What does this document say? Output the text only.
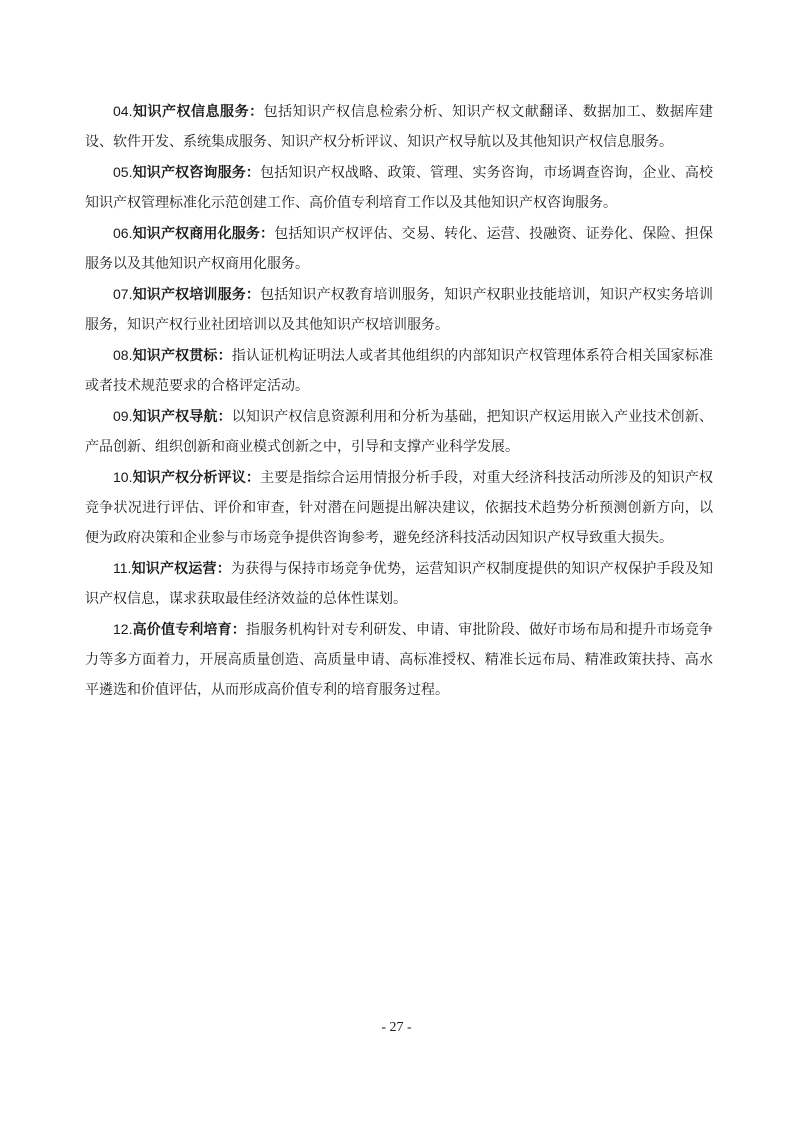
04.知识产权信息服务：包括知识产权信息检索分析、知识产权文献翻译、数据加工、数据库建设、软件开发、系统集成服务、知识产权分析评议、知识产权导航以及其他知识产权信息服务。

05.知识产权咨询服务：包括知识产权战略、政策、管理、实务咨询，市场调查咨询，企业、高校知识产权管理标准化示范创建工作、高价值专利培育工作以及其他知识产权咨询服务。

06.知识产权商用化服务：包括知识产权评估、交易、转化、运营、投融资、证券化、保险、担保服务以及其他知识产权商用化服务。

07.知识产权培训服务：包括知识产权教育培训服务，知识产权职业技能培训，知识产权实务培训服务，知识产权行业社团培训以及其他知识产权培训服务。

08.知识产权贯标：指认证机构证明法人或者其他组织的内部知识产权管理体系符合相关国家标准或者技术规范要求的合格评定活动。

09.知识产权导航：以知识产权信息资源利用和分析为基础，把知识产权运用嵌入产业技术创新、产品创新、组织创新和商业模式创新之中，引导和支撑产业科学发展。

10.知识产权分析评议：主要是指综合运用情报分析手段，对重大经济科技活动所涉及的知识产权竞争状况进行评估、评价和审查，针对潜在问题提出解决建议，依据技术趋势分析预测创新方向，以便为政府决策和企业参与市场竞争提供咨询参考，避免经济科技活动因知识产权导致重大损失。

11.知识产权运营：为获得与保持市场竞争优势，运营知识产权制度提供的知识产权保护手段及知识产权信息，谋求获取最佳经济效益的总体性谋划。

12.高价值专利培育：指服务机构针对专利研发、申请、审批阶段、做好市场布局和提升市场竞争力等多方面着力，开展高质量创造、高质量申请、高标准授权、精准长远布局、精准政策扶持、高水平遴选和价值评估，从而形成高价值专利的培育服务过程。

- 27 -
